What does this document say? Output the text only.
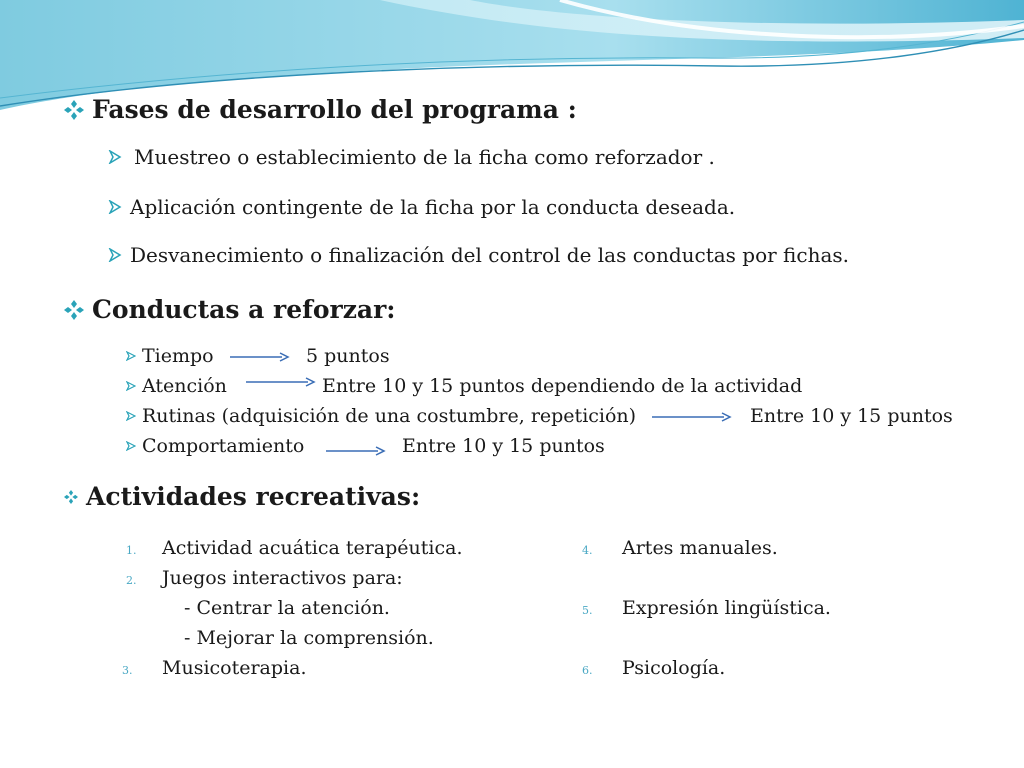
Fases de desarrollo del programa :
Muestreo o establecimiento de la ficha como reforzador .
Aplicación contingente de la ficha por la conducta deseada.
Desvanecimiento o finalización del control de las conductas por fichas.
Conductas a reforzar:
Tiempo	5 puntos
Atención	Entre 10 y 15 puntos dependiendo de la actividad
Rutinas (adquisición de una costumbre, repetición)	Entre 10 y 15 puntos
Comportamiento	Entre 10 y 15 puntos
Actividades recreativas:
1. Actividad acuática terapéutica.
2. Juegos interactivos para:
- Centrar la atención.
- Mejorar la comprensión.
3. Musicoterapia.
4. Artes manuales.
5. Expresión lingüística.
6. Psicología.
